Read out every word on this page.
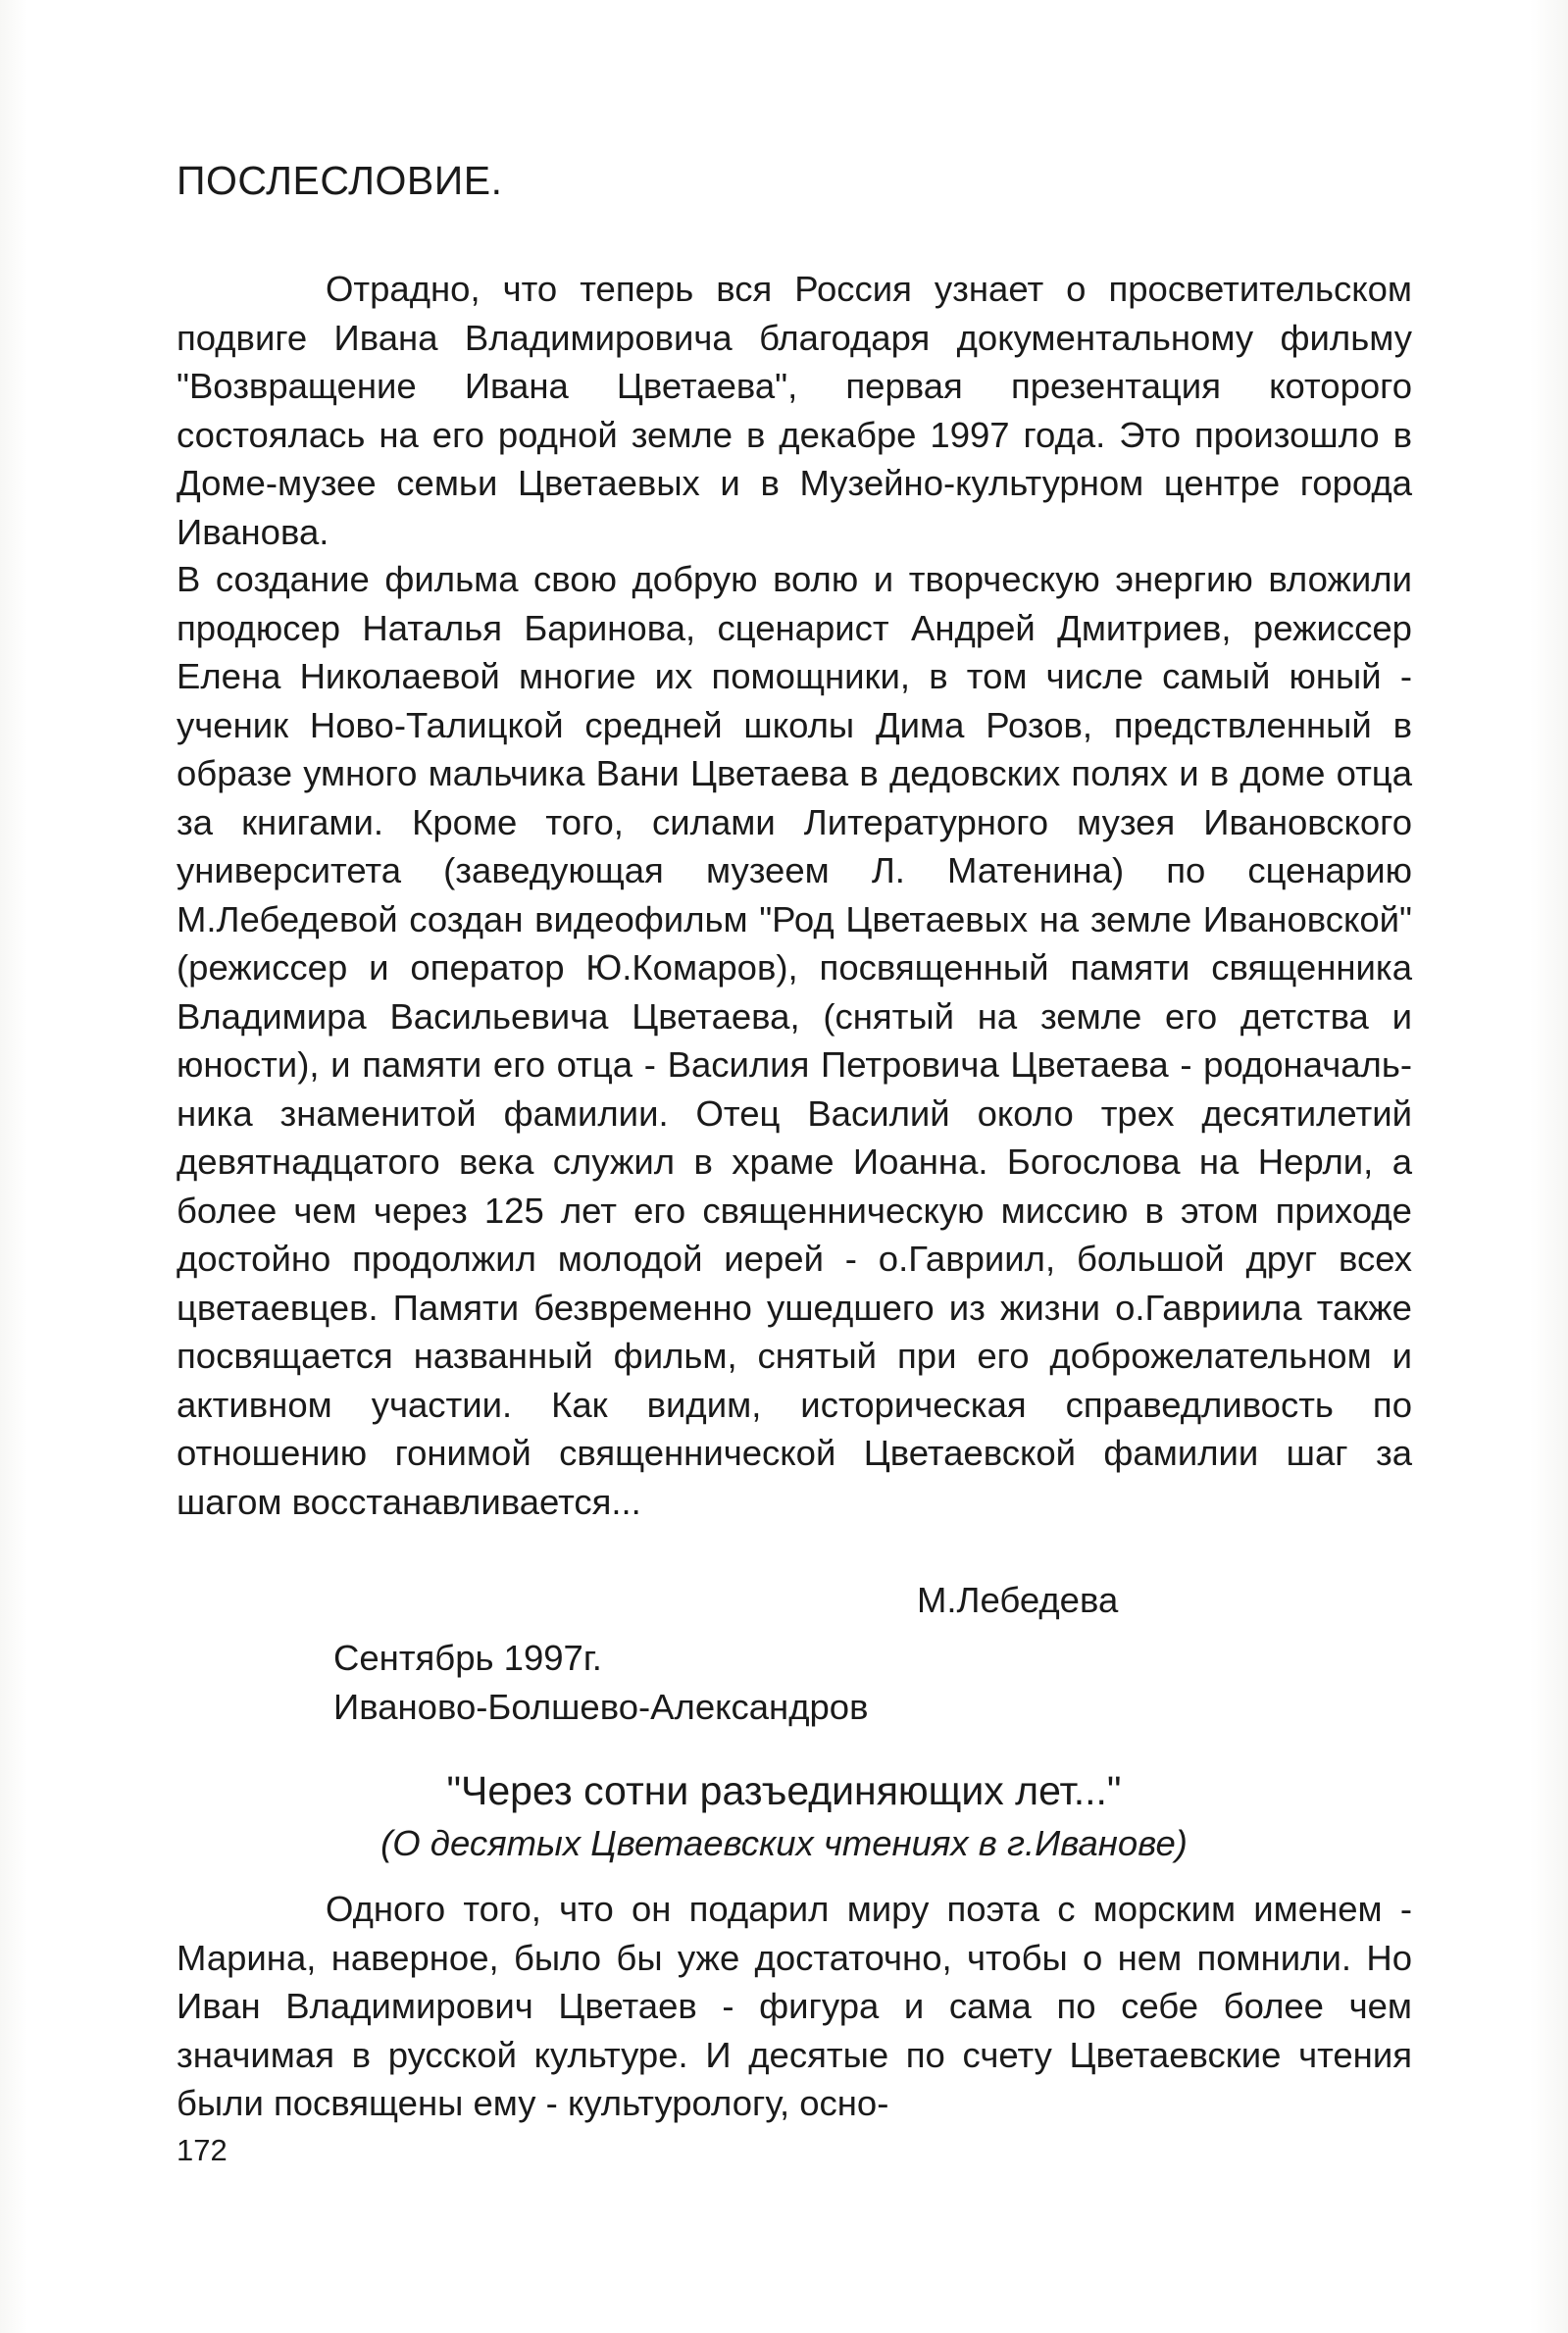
ПОСЛЕСЛОВИЕ.

Отрадно, что теперь вся Россия узнает о просветительском подвиге Ивана Владимировича благодаря документальному фильму "Возвращение Ивана Цветаева", первая презентация которого состоялась на его родной земле в декабре 1997 года. Это произошло в Доме-музее семьи Цветаевых и в Музейно-культурном центре города Иванова.

В создание фильма свою добрую волю и творческую энергию вложили продюсер Наталья Баринова, сценарист Андрей Дмитриев, режиссер Елена Николаевой многие их помощники, в том числе самый юный - ученик Ново-Талицкой средней школы Дима Розов, предствленный в образе умного мальчика Вани Цветаева в дедовских полях и в доме отца за книгами. Кроме того, силами Литературного музея Ивановского университета (заведующая музеем Л. Матенина) по сценарию М.Лебедевой создан видеофильм "Род Цветаевых на земле Ивановской" (режиссер и оператор Ю.Комаров), посвященный памяти священника Владимира Васильевича Цветаева, (снятый на земле его детства и юности), и памяти его отца - Василия Петровича Цветаева - родоначальника знаменитой фамилии. Отец Василий около трех десятилетий девятнадцатого века служил в храме Иоанна. Богослова на Нерли, а более чем через 125 лет его священническую миссию в этом приходе достойно продолжил молодой иерей - о.Гавриил, большой друг всех цветаевцев. Памяти безвременно ушедшего из жизни о.Гавриила также посвящается названный фильм, снятый при его доброжелательном и активном участии. Как видим, историческая справедливость по отношению гонимой священнической Цветаевской фамилии шаг за шагом восстанавливается...

М.Лебедева

Сентябрь 1997г.
Иваново-Болшево-Александров
"Через сотни разъединяющих лет..."

(О десятых Цветаевских чтениях в г.Иванове)

Одного того, что он подарил миру поэта с морским именем - Марина, наверное, было бы уже достаточно, чтобы о нем помнили. Но Иван Владимирович Цветаев - фигура и сама по себе более чем значимая в русской культуре. И десятые по счету Цветаевские чтения были посвящены ему - культурологу, осно-

172
